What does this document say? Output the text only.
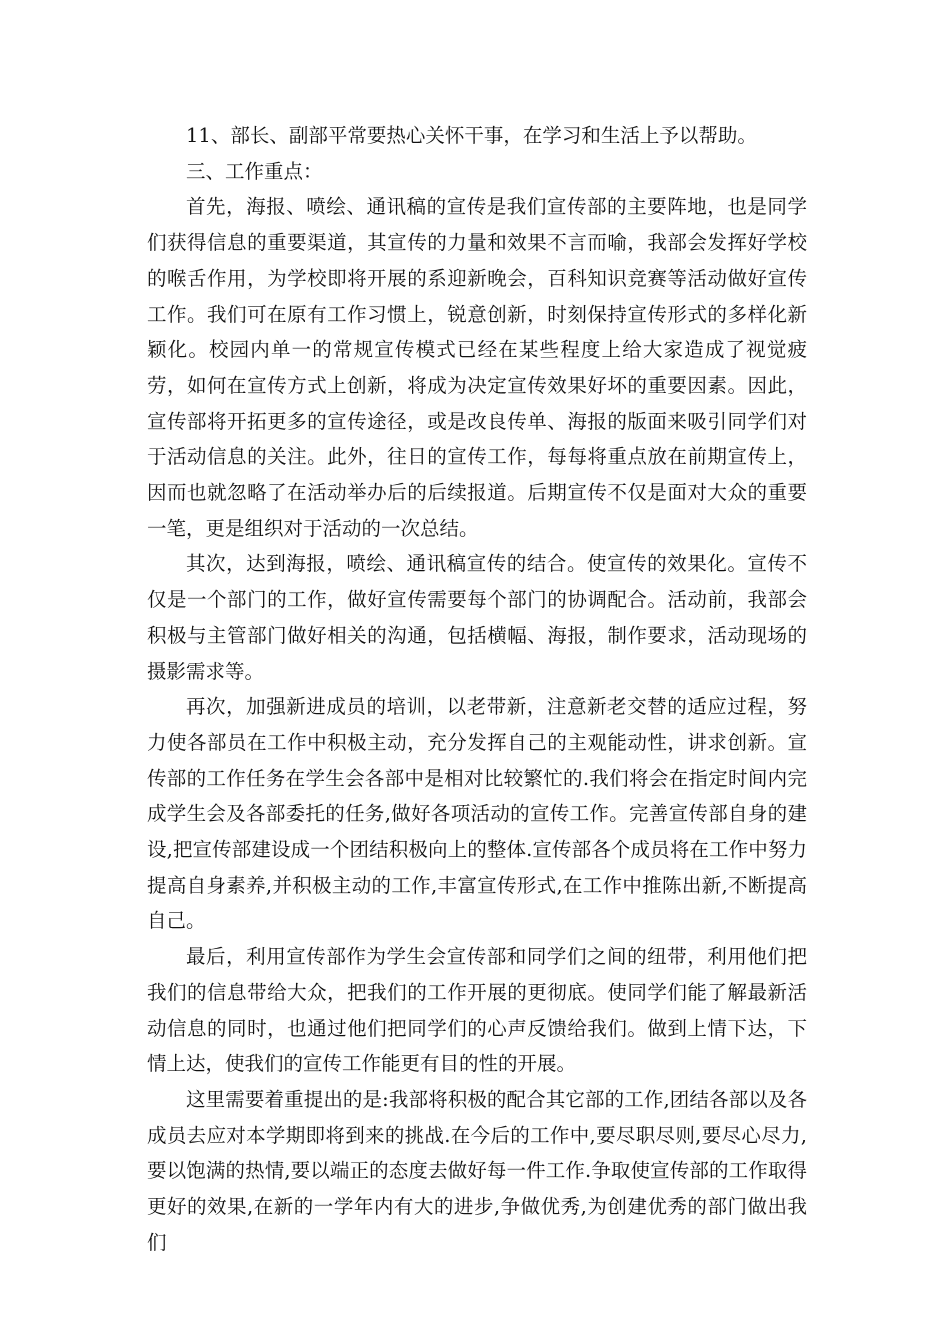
11、部长、副部平常要热心关怀干事，在学习和生活上予以帮助。

三、工作重点：

首先，海报、喷绘、通讯稿的宣传是我们宣传部的主要阵地，也是同学们获得信息的重要渠道，其宣传的力量和效果不言而喻，我部会发挥好学校的喉舌作用，为学校即将开展的系迎新晚会，百科知识竞赛等活动做好宣传工作。我们可在原有工作习惯上，锐意创新，时刻保持宣传形式的多样化新颖化。校园内单一的常规宣传模式已经在某些程度上给大家造成了视觉疲劳，如何在宣传方式上创新，将成为决定宣传效果好坏的重要因素。因此，宣传部将开拓更多的宣传途径，或是改良传单、海报的版面来吸引同学们对于活动信息的关注。此外，往日的宣传工作，每每将重点放在前期宣传上，因而也就忽略了在活动举办后的后续报道。后期宣传不仅是面对大众的重要一笔，更是组织对于活动的一次总结。

其次，达到海报，喷绘、通讯稿宣传的结合。使宣传的效果化。宣传不仅是一个部门的工作，做好宣传需要每个部门的协调配合。活动前，我部会积极与主管部门做好相关的沟通，包括横幅、海报，制作要求，活动现场的摄影需求等。

再次，加强新进成员的培训，以老带新，注意新老交替的适应过程，努力使各部员在工作中积极主动，充分发挥自己的主观能动性，讲求创新。宣传部的工作任务在学生会各部中是相对比较繁忙的.我们将会在指定时间内完成学生会及各部委托的任务,做好各项活动的宣传工作。完善宣传部自身的建设,把宣传部建设成一个团结积极向上的整体.宣传部各个成员将在工作中努力提高自身素养,并积极主动的工作,丰富宣传形式,在工作中推陈出新,不断提高自己。

最后，利用宣传部作为学生会宣传部和同学们之间的纽带，利用他们把我们的信息带给大众，把我们的工作开展的更彻底。使同学们能了解最新活动信息的同时，也通过他们把同学们的心声反馈给我们。做到上情下达，下情上达，使我们的宣传工作能更有目的性的开展。

这里需要着重提出的是:我部将积极的配合其它部的工作,团结各部以及各成员去应对本学期即将到来的挑战.在今后的工作中,要尽职尽则,要尽心尽力,要以饱满的热情,要以端正的态度去做好每一件工作.争取使宣传部的工作取得更好的效果,在新的一学年内有大的进步,争做优秀,为创建优秀的部门做出我们
